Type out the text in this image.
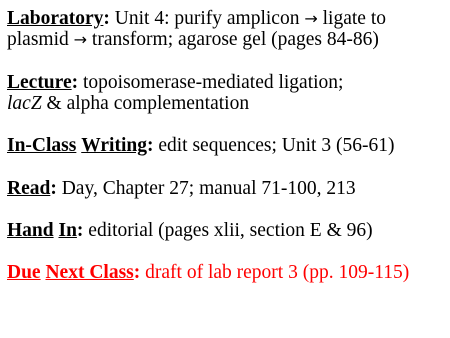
Laboratory: Unit 4: purify amplicon → ligate to
plasmid → transform; agarose gel (pages 84-86)
Lecture: topoisomerase-mediated ligation;
lacZ & alpha complementation
In-Class Writing: edit sequences; Unit 3 (56-61)
Read: Day, Chapter 27; manual 71-100, 213
Hand In: editorial (pages xlii, section E & 96)
Due Next Class: draft of lab report 3 (pp. 109-115)
